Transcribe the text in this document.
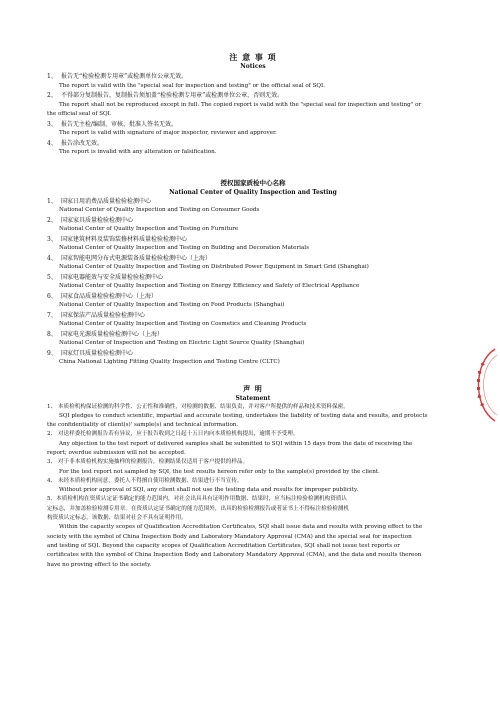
注 意 事 项
Notices
1、 报告无“检验检测专用章”或检测单位公章无效。
The report is valid with the "special seal for inspection and testing" or the official seal of SQI.
2、 不得部分复制报告，复制报告须加盖“检验检测专用章”或检测单位公章，否则无效。
The report shall not be reproduced except in full. The copied report is valid with the "special seal for inspection and testing" or
the official seal of SQI.
3、 报告无主检/编制、审核、批准人签名无效。
The report is valid with signature of major inspector, reviewer and approver.
4、 报告涂改无效。
The report is invalid with any alteration or falsification.
授权国家质检中心名称
National Center of Quality Inspection and Testing
1、 国家日用消费品质量检验检测中心
National Center of Quality Inspection and Testing on Consumer Goods
2、 国家家具质量检验检测中心
National Center of Quality Inspection and Testing on Furniture
3、 国家建筑材料及装饰装修材料质量检验检测中心
National Center of Quality Inspection and Testing on Building and Decoration Materials
4、 国家智能电网分布式电源装备质量检验检测中心（上海）
National Center of Quality Inspection and Testing on Distributed Power Equipment in Smart Grid (Shanghai)
5、 国家电器能效与安全质量检验检测中心
National Center of Quality Inspection and Testing on Energy Efficiency and Safety of Electrical Appliance
6、 国家食品质量检验检测中心（上海）
National Center of Quality Inspection and Testing on Food Products (Shanghai)
7、 国家保洁产品质量检验检测中心
National Center of Quality Inspection and Testing on Cosmetics and Cleaning Products
8、 国家电光源质量检验检测中心（上海）
National Center of Inspection and Testing on Electric Light Source Quality (Shanghai)
9、 国家灯具质量检验检测中心
China National Lighting Fitting Quality Inspection and Testing Centre (CLTC)
声 明
Statement
1、 本质检机构保证检测的科学性、公正性和准确性，对检测的数据、结果负责，并对客户所提供的样品和技术资料保密。
SQI pledges to conduct scientific, impartial and accurate testing, undertakes the liability of testing data and results, and protects
the confidentiality of client(s)' sample(s) and technical information.
2、 对送样委托检测报告若有异议，应于报告收到之日起十五日内向本质检机构提出，逾期不予受理。
Any objection to the test report of delivered samples shall be submitted to SQI within 15 days from the date of receiving the
report; overdue submission will not be accepted.
3、 对于非本质检机构实施抽样的检测报告，检测结果仅适用于客户提供的样品。
For the test report not sampled by SQI, the test results hereon refer only to the sample(s) provided by the client.
4、 未经本质检机构同意，委托人不得擅自使用检测数据、结果进行不当宣传。
Without prior approval of SQI, any client shall not use the testing data and results for improper publicity.
5、本质检机构在资质认定证书确定的能力范围内，对社会出具具有证明作用数据、结果时，应当标注检验检测机构资质认
定标志，并加盖检验检测专用章。在资质认定证书确定的能力范围外，出具的检验检测报告或者证书上不得标注检验检测机
构资质认定标志，该数据、结果对社会不具有证明作用。
Within the capacity scopes of Qualification Accreditation Certificates, SQI shall issue data and results with proving effect to the
society with the symbol of China Inspection Body and Laboratory Mandatory Approval (CMA) and the special seal for inspection
and testing of SQI. Beyond the capacity scopes of Qualification Accreditation Certificates, SQI shall not issue test reports or
certificates with the symbol of China Inspection Body and Laboratory Mandatory Approval (CMA), and the data and results thereon
have no proving effect to the society.
